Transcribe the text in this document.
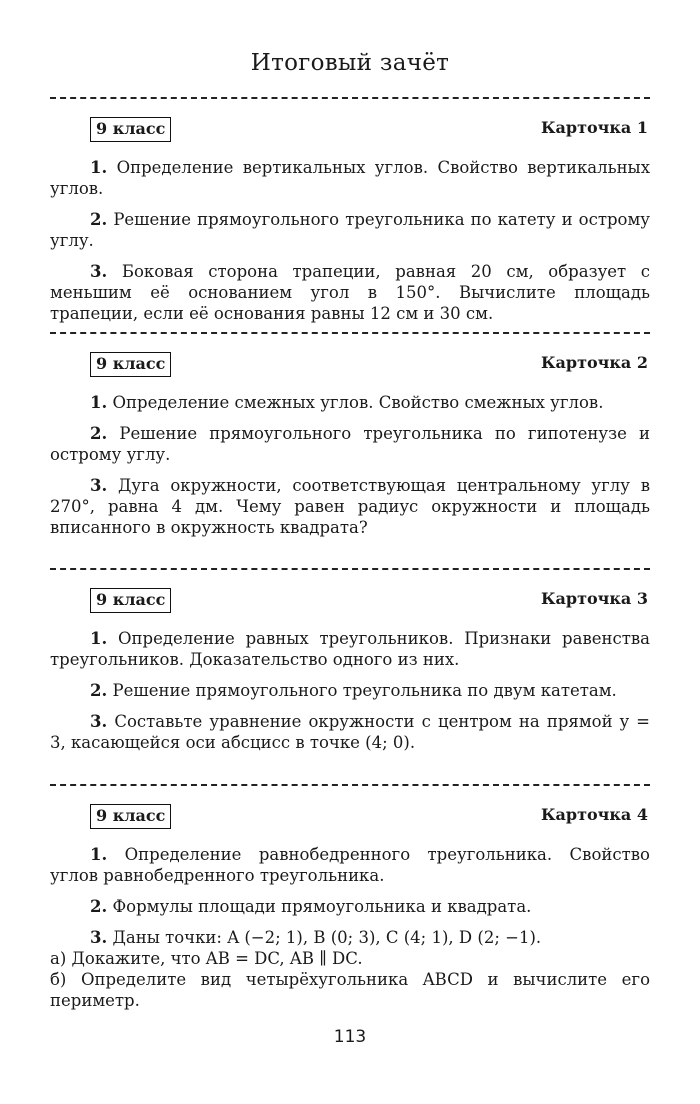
Итоговый зачёт
9 класс	Карточка 1

1. Определение вертикальных углов. Свойство вертикальных углов.

2. Решение прямоугольного треугольника по катету и острому углу.

3. Боковая сторона трапеции, равная 20 см, образует с меньшим её основанием угол в 150°. Вычислите площадь трапеции, если её основания равны 12 см и 30 см.

9 класс	Карточка 2

1. Определение смежных углов. Свойство смежных углов.

2. Решение прямоугольного треугольника по гипотенузе и острому углу.

3. Дуга окружности, соответствующая центральному углу в 270°, равна 4 дм. Чему равен радиус окружности и площадь вписанного в окружность квадрата?

9 класс	Карточка 3

1. Определение равных треугольников. Признаки равенства треугольников. Доказательство одного из них.

2. Решение прямоугольного треугольника по двум катетам.

3. Составьте уравнение окружности с центром на прямой y = 3, касающейся оси абсцисс в точке (4; 0).

9 класс	Карточка 4

1. Определение равнобедренного треугольника. Свойство углов равнобедренного треугольника.

2. Формулы площади прямоугольника и квадрата.

3. Даны точки: A (−2; 1), B (0; 3), C (4; 1), D (2; −1).

а) Докажите, что AB = DC, AB ∥ DC.

б) Определите вид четырёхугольника ABCD и вычислите его периметр.

113
